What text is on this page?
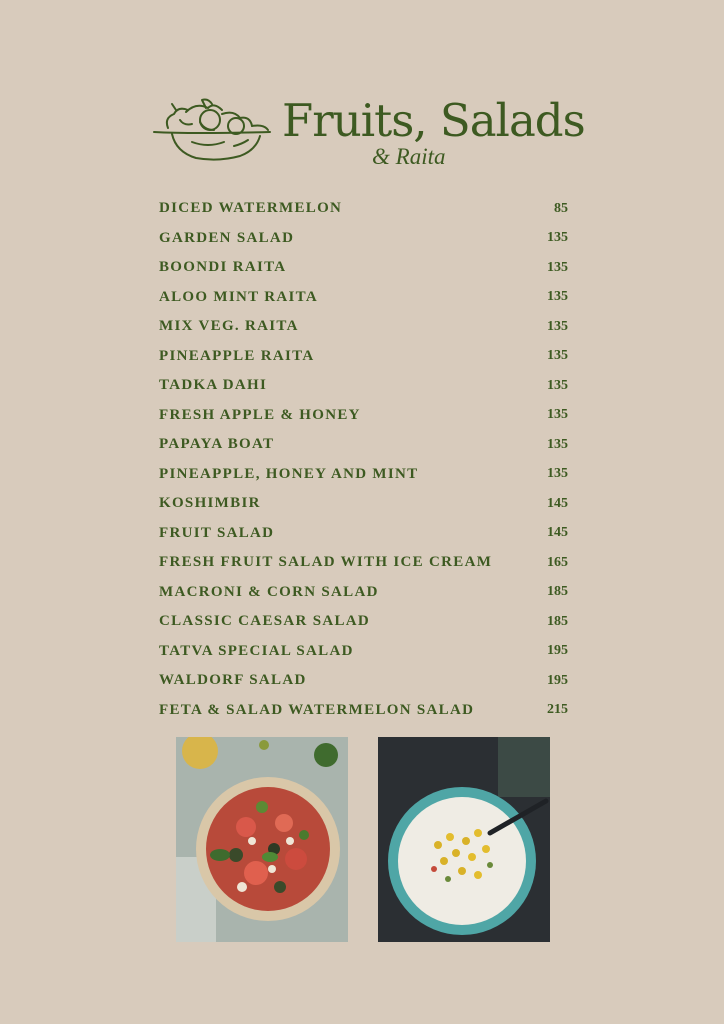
Fruits, Salads
& Raita
DICED WATERMELON	85
GARDEN SALAD	135
BOONDI RAITA	135
ALOO MINT RAITA	135
MIX VEG. RAITA	135
PINEAPPLE RAITA	135
TADKA DAHI	135
FRESH APPLE & HONEY	135
PAPAYA BOAT	135
PINEAPPLE, HONEY AND MINT	135
KOSHIMBIR	145
FRUIT SALAD	145
FRESH FRUIT SALAD WITH ICE CREAM	165
MACRONI & CORN SALAD	185
CLASSIC CAESAR SALAD	185
TATVA SPECIAL SALAD	195
WALDORF SALAD	195
FETA & SALAD WATERMELON SALAD	215
